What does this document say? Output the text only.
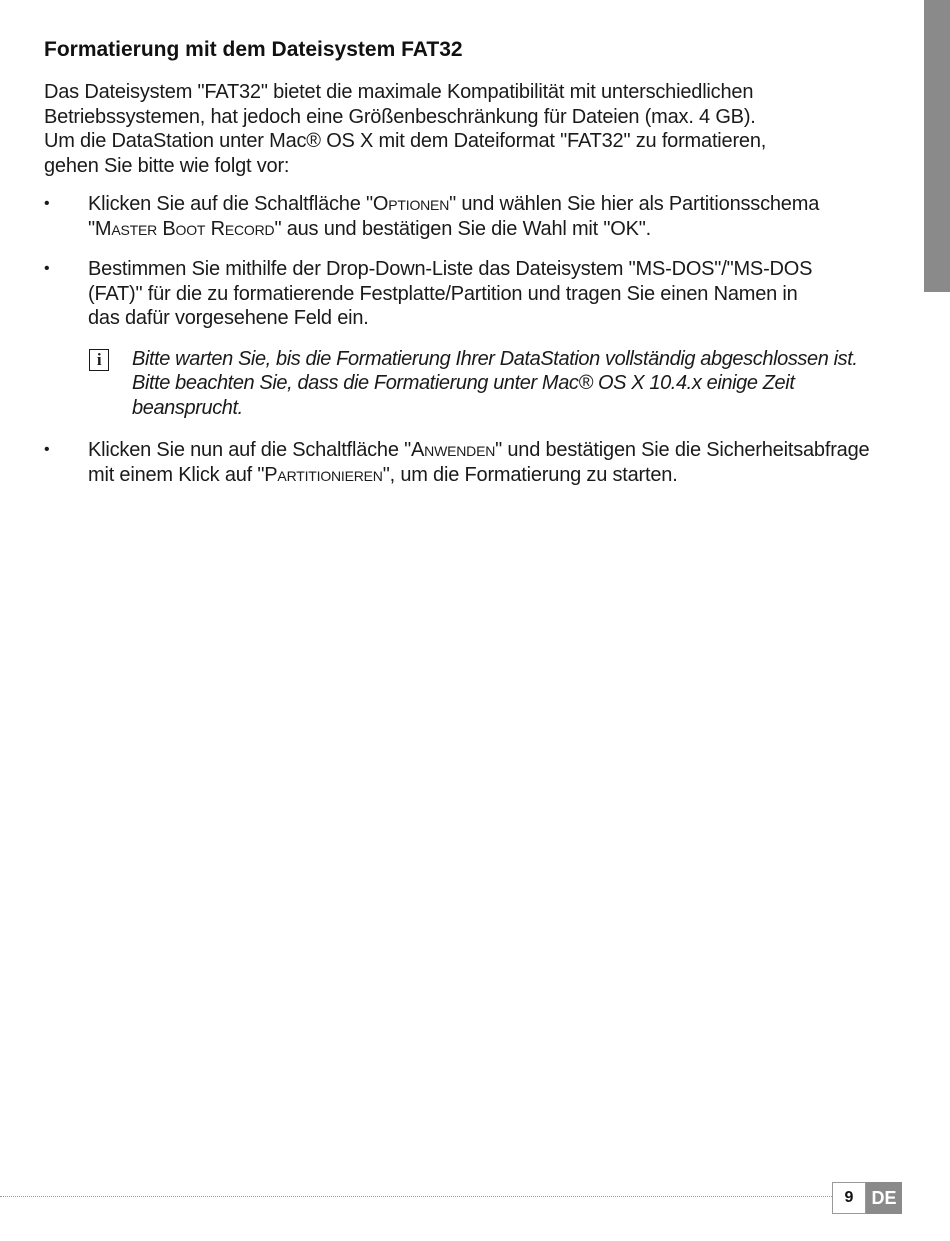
Formatierung mit dem Dateisystem FAT32

Das Dateisystem "FAT32" bietet die maximale Kompatibilität mit unterschiedlichen
Betriebssystemen, hat jedoch eine Größenbeschränkung für Dateien (max. 4 GB).
Um die DataStation unter Mac® OS X mit dem Dateiformat "FAT32" zu formatieren,
gehen Sie bitte wie folgt vor:

•	Klicken Sie auf die Schaltfläche "Optionen" und wählen Sie hier als Partitionsschema
"Master Boot Record" aus und bestätigen Sie die Wahl mit "OK".
•	Bestimmen Sie mithilfe der Drop-Down-Liste das Dateisystem "MS-DOS"/"MS-DOS
(FAT)" für die zu formatierende Festplatte/Partition und tragen Sie einen Namen in
das dafür vorgesehene Feld ein.
i	Bitte warten Sie, bis die Formatierung Ihrer DataStation vollständig abgeschlossen ist.
Bitte beachten Sie, dass die Formatierung unter Mac® OS X 10.4.x einige Zeit
beansprucht.
•	Klicken Sie nun auf die Schaltfläche "Anwenden" und bestätigen Sie die Sicherheitsabfrage
mit einem Klick auf "Partitionieren", um die Formatierung zu starten.
9	DE
